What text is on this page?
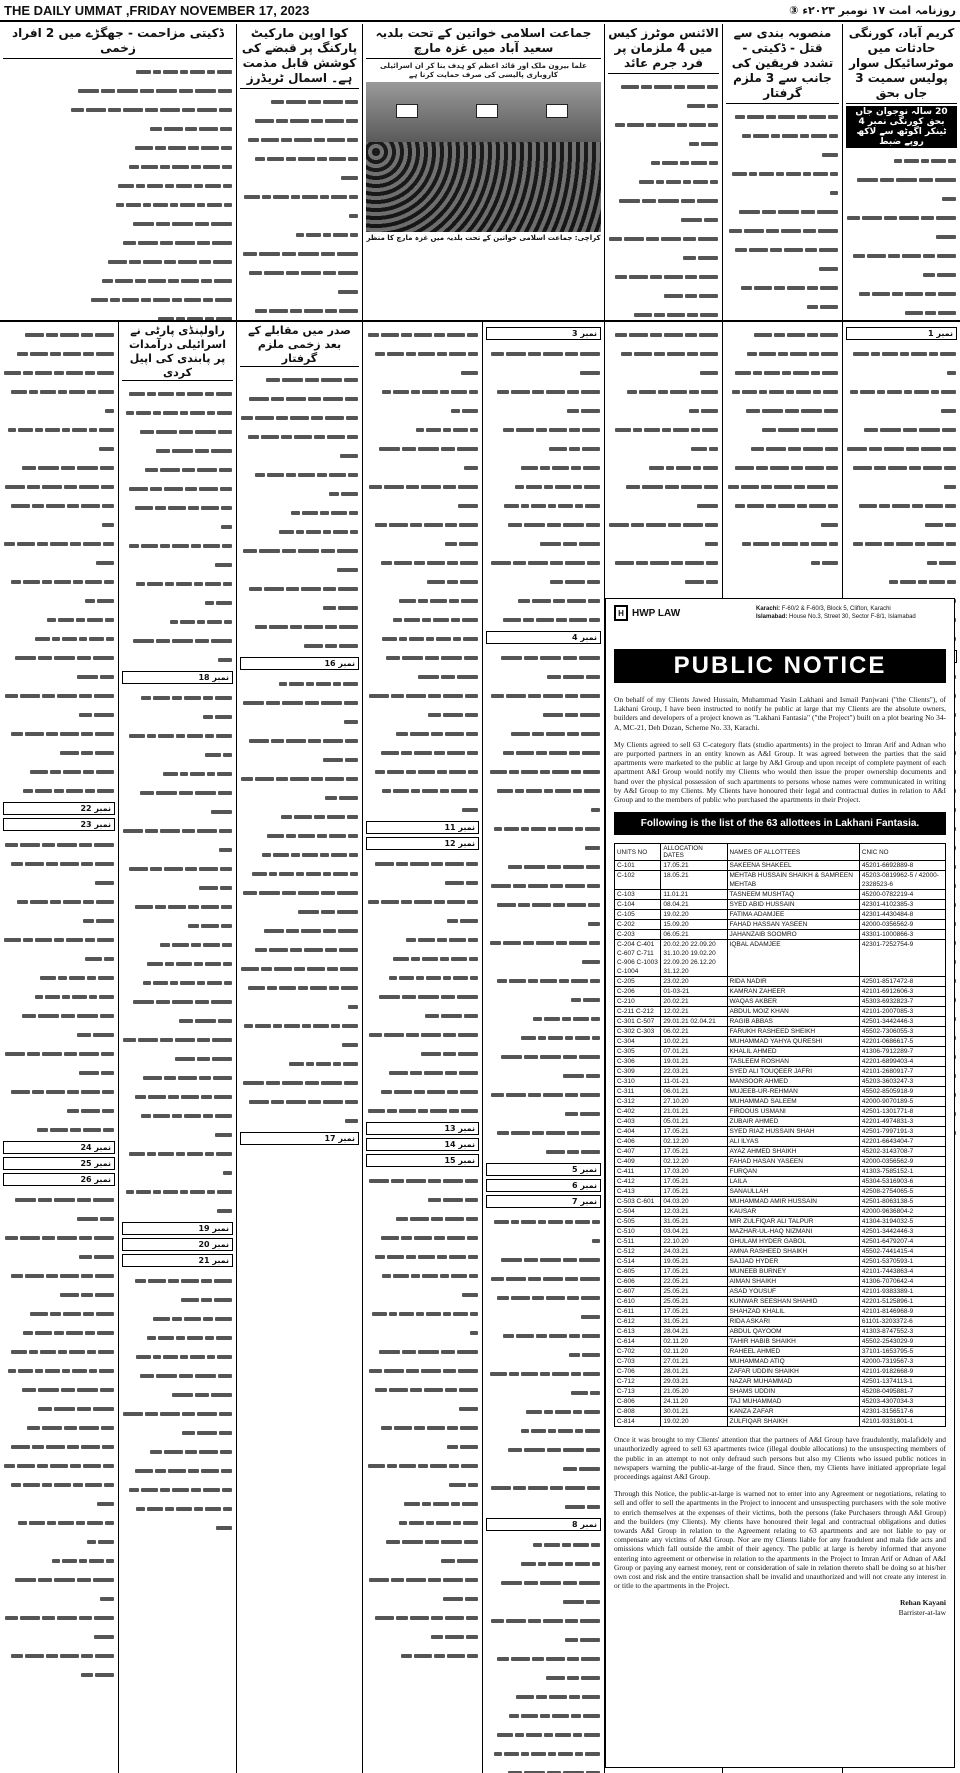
THE DAILY UMMAT ,FRIDAY NOVEMBER 17, 2023	روزنامہ امت ۱۷ نومبر ۲۰۲۳ء ③
کریم آباد، کورنگی حادثات میں موٹرسائیکل سوار پولیس سمیت 3 جاں بحق
20 سالہ نوجوان جاں بحق کورنگی نمبر 4 ٹینکر اگوٹھ سے لاکھ روپے ضبط

منصوبہ بندی سے قتل - ڈکیتی - تشدد فریقین کی جانب سے 3 ملزم گرفتار

الائنس موٹرز کیس میں 4 ملزمان پر فرد جرم عائد

جماعت اسلامی خواتین کے تحت بلدیہ سعید آباد میں غزہ مارچ
علما بیرون ملک اور قائد اعظم کو ہدف بنا کر ان اسرائیلی کاروباری پالیسی کی صرف حمایت کرنا ہے
کراچی: جماعت اسلامی خواتین کے تحت بلدیہ میں غزہ مارچ کا منظر
کوا اوپن مارکیٹ پارکنگ پر قبضے کی کوشش قابل مذمت ہے۔ اسمال ٹریڈرز

ڈکیتی مزاحمت - جھگڑے میں 2 افراد زخمی

نمبر 1

نمبر 3

نمبر 4

نمبر 5
نمبر 6
نمبر 7

نمبر 8

نمبر 11
نمبر 12

نمبر 13
نمبر 14
نمبر 15

صدر میں مقابلے کے بعد زخمی ملزم گرفتار

نمبر 16

نمبر 17
راولپنڈی پارٹی نے اسرائیلی درآمدات پر پابندی کی اپیل کردی

نمبر 18

نمبر 19
نمبر 20
نمبر 21

نمبر 22
نمبر 23

نمبر 24
نمبر 25
نمبر 26

H HWP LAW	Karachi: F-60/2 & F-60/3, Block 5, Clifton, Karachi
Islamabad: House No.3, Street 30, Sector F-8/1, Islamabad
PUBLIC NOTICE

On behalf of my Clients Jawed Hussain, Muhammad Yasin Lakhani and Ismail Panjwani ("the Clients"), of Lakhani Group, I have been instructed to notify he public at large that my Clients are the absolute owners, builders and developers of a project known as "Lakhani Fantasia" ("the Project") built on a plot bearing No 34-A, MC-21, Deh Dozan, Scheme No. 33, Karachi.

My Clients agreed to sell 63 C-category flats (studio apartments) in the project to Imran Arif and Adnan who are purported partners in an entity known as A&I Group. It was agreed between the parties that the said apartments were marketed to the public at large by A&I Group and upon receipt of complete payment of each apartment A&I Group would notify my Clients who would then issue the proper ownership documents and hand over the physical possession of such apartments to persons whose names were communicated in writing by A&I Group to my Clients. My Clients have honoured their legal and contractual duties in relation to A&I Group and to the members of public who purchased the apartments in their Project.

Following is the list of the 63 allottees in Lakhani Fantasia.
UNITS NO	ALLOCATION DATES	NAMES OF ALLOTTEES	CNIC NO
C-101	17.05.21	SAKEENA SHAKEEL	45201-6692889-8
C-102	18.05.21	MEHTAB HUSSAIN SHAIKH & SAMREEN MEHTAB	45203-0819962-5 / 42000-2328523-6
C-103	11.01.21	TASNEEM MUSHTAQ	45200-0782219-4
C-104	08.04.21	SYED ABID HUSSAIN	42301-4102385-3
C-105	19.02.20	FATIMA ADAMJEE	42301-4430484-8
C-202	15.09.20	FAHAD HASSAN YASEEN	42000-0356562-9
C-203	06.05.21	JAHANZAIB SOOMRO	43301-1000866-3
C-204 C-401 C-607 C-711 C-906 C-1003 C-1004	20.02.20 22.09.20 31.10.20 19.02.20 22.09.20 26.12.20 31.12.20	IQBAL ADAMJEE	42301-7252754-9
C-205	23.02.20	RIDA NADIR	42501-8517472-8
C-206	01-03-21	KAMRAN ZAHEER	42101-6912606-3
C-210	20.02.21	WAQAS AKBER	45303-6932823-7
C-211 C-212	12.02.21	ABDUL MOIZ KHAN	42101-2007085-3
C-301 C-507	29.01.21 02.04.21	RAGIB ABBAS	42501-3442446-3
C-302 C-303	06.02.21	FARUKH RASHEED SHEIKH	45502-7306055-3
C-304	10.02.21	MUHAMMAD YAHYA QURESHI	42201-0686617-5
C-305	07.01.21	KHALIL AHMED	41306-7912289-7
C-306	19.01.21	TASLEEM ROSHAN	42201-6899403-4
C-309	22.03.21	SYED ALI TOUQEER JAFRI	42101-2680917-7
C-310	11-01-21	MANSOOR AHMED	45203-3603247-3
C-311	06.01.21	MUJEEB-UR-REHMAN	45502-8505918-9
C-312	27.10.20	MUHAMMAD SALEEM	42000-9070189-5
C-402	21.01.21	FIRDOUS USMANI	42501-1301771-8
C-403	05.01.21	ZUBAIR AHMED	42201-4974831-3
C-404	17.05.21	SYED RIAZ HUSSAIN SHAH	42501-7997191-3
C-406	02.12.20	ALI ILYAS	42201-6643404-7
C-407	17.05.21	AYAZ AHMED SHAIKH	45202-3143708-7
C-409	02.12.20	FAHAD HASAN YASEEN	42000-0356562-9
C-411	17.03.20	FURQAN	41303-7585152-1
C-412	17.05.21	LAILA	45304-5316903-6
C-413	17.05.21	SANAULLAH	42508-2754065-5
C-503 C-601	04.03.20	MUHAMMAD AMIR HUSSAIN	42501-8063138-5
C-504	12.03.21	KAUSAR	42000-9636804-2
C-505	31.05.21	MIR ZULFIQAR ALI TALPUR	41304-3194032-5
C-510	03.04.21	MAZHAR-UL-HAQ NIZMANI	42501-3442446-3
C-511	22.10.20	GHULAM HYDER GABOL	42501-6479207-4
C-512	24.03.21	AMNA RASHEED SHAIKH	45502-7441415-4
C-514	19.05.21	SAJJAD HYDER	42501-5370593-1
C-605	17.05.21	MUNEEB BURNEY	42101-7443863-4
C-606	22.05.21	AIMAN SHAIKH	41306-7070642-4
C-607	25.05.21	ASAD YOUSUF	42101-9383389-1
C-610	25.05.21	KUNWAR SEESHAN SHAHID	42201-5125896-1
C-611	17.05.21	SHAHZAD KHALIL	42101-8146968-9
C-612	31.05.21	RIDA ASKARI	61101-3203372-6
C-613	28.04.21	ABDUL QAYOOM	41303-8747552-3
C-614	02.11.20	TAHIR HABIB SHAIKH	45502-2543029-9
C-702	02.11.20	RAHEEL AHMED	37101-1653795-5
C-703	27.01.21	MUHAMMAD ATIQ	42000-7319567-3
C-706	28.01.21	ZAFAR UDDIN SHAIKH	42101-9182668-9
C-712	29.03.21	NAZAR MUHAMMAD	42501-1374113-1
C-713	21.05.20	SHAMS UDDIN	45208-0495881-7
C-806	24.11.20	TAJ MUHAMMAD	45203-4307034-3
C-808	30.01.21	KANZA ZAFAR	42301-3156517-6
C-814	19.02.20	ZULFIQAR SHAIKH	42101-9331801-1

Once it was brought to my Clients' attention that the partners of A&I Group have fraudulently, malafidely and unauthorizedly agreed to sell 63 apartments twice (illegal double allocations) to the unsuspecting members of the public in an attempt to not only defraud such persons but also my Clients who issued public notices in newspapers warning the public-at-large of the fraud. Since then, my Clients have initiated appropriate legal proceedings against A&I Group.

Through this Notice, the public-at-large is warned not to enter into any Agreement or negotiations, relating to sell and offer to sell the apartments in the Project to innocent and unsuspecting purchasers with the sole motive to enrich themselves at the expenses of their victims, both the persons (fake Purchasers through A&I Group) and the builders (my Clients). My clients have honoured their legal and contractual obligations and duties towards A&I Group in relation to the Agreement relating to 63 apartments and are not liable to pay or compensate any victims of A&I Group. Nor are my Clients liable for any fraudulent and mala fide acts and omissions which fall outside the ambit of their agency. The public at large is hereby informed that anyone entering into agreement or otherwise in relation to the apartments in the Project to Imran Arif or Adnan of A&I Group or paying any earnest money, rent or consideration of sale in relation thereto shall be doing so at his/her own cost and risk and the entire transaction shall be invalid and unauthorized and will not create any interest in or title to the apartments in the Project.

Rehan Kayani
Barrister-at-law
